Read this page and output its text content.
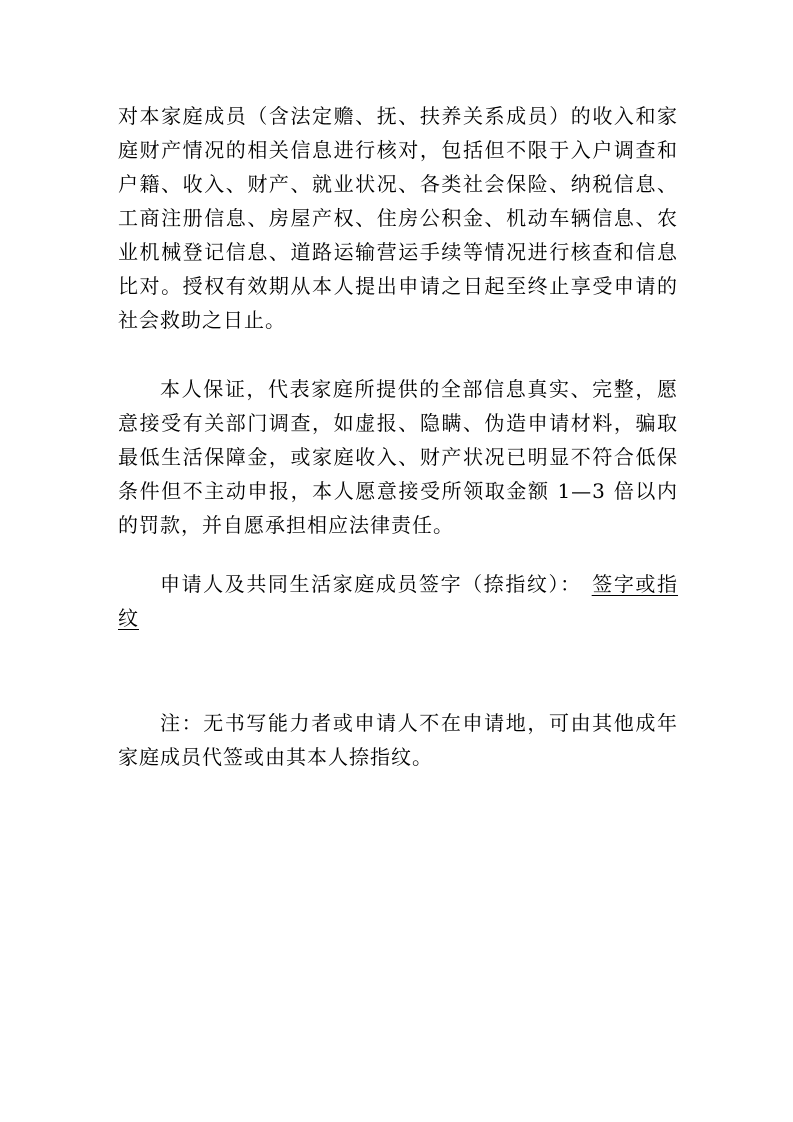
对本家庭成员（含法定赡、抚、扶养关系成员）的收入和家庭财产情况的相关信息进行核对，包括但不限于入户调查和户籍、收入、财产、就业状况、各类社会保险、纳税信息、工商注册信息、房屋产权、住房公积金、机动车辆信息、农业机械登记信息、道路运输营运手续等情况进行核查和信息比对。授权有效期从本人提出申请之日起至终止享受申请的社会救助之日止。

本人保证，代表家庭所提供的全部信息真实、完整，愿意接受有关部门调查，如虚报、隐瞒、伪造申请材料，骗取最低生活保障金，或家庭收入、财产状况已明显不符合低保条件但不主动申报，本人愿意接受所领取金额 1—3 倍以内的罚款，并自愿承担相应法律责任。

申请人及共同生活家庭成员签字（捺指纹）： 签字或指纹

注：无书写能力者或申请人不在申请地，可由其他成年家庭成员代签或由其本人捺指纹。
